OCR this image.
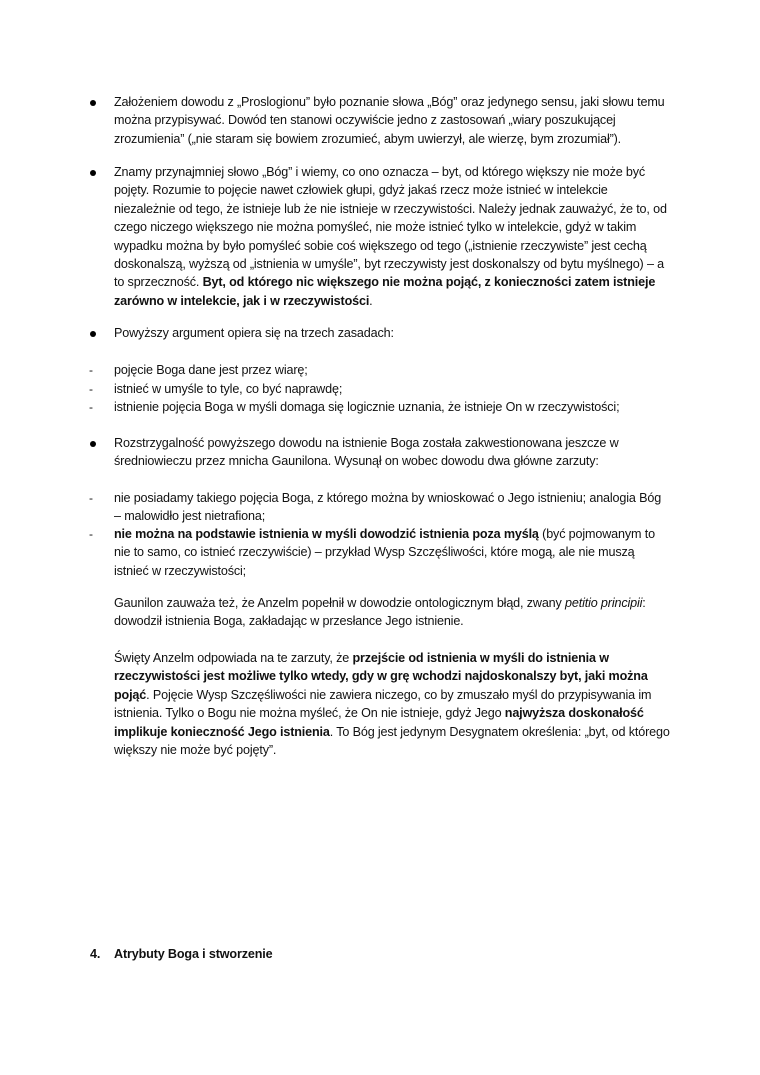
Założeniem dowodu z „Proslogionu” było poznanie słowa „Bóg” oraz jedynego sensu, jaki słowu temu można przypisywać. Dowód ten stanowi oczywiście jedno z zastosowań „wiary poszukującej zrozumienia” („nie staram się bowiem zrozumieć, abym uwierzył, ale wierzę, bym zrozumiał”).

Znamy przynajmniej słowo „Bóg” i wiemy, co ono oznacza – byt, od którego większy nie może być pojęty. Rozumie to pojęcie nawet człowiek głupi, gdyż jakaś rzecz może istnieć w intelekcie niezależnie od tego, że istnieje lub że nie istnieje w rzeczywistości. Należy jednak zauważyć, że to, od czego niczego większego nie można pomyśleć, nie może istnieć tylko w intelekcie, gdyż w takim wypadku można by było pomyśleć sobie coś większego od tego („istnienie rzeczywiste” jest cechą doskonalszą, wyższą od „istnienia w umyśle”, byt rzeczywisty jest doskonalszy od bytu myślnego) – a to sprzeczność. Byt, od którego nic większego nie można pojąć, z konieczności zatem istnieje zarówno w intelekcie, jak i w rzeczywistości.

Powyższy argument opiera się na trzech zasadach:

- pojęcie Boga dane jest przez wiarę;

- istnieć w umyśle to tyle, co być naprawdę;

- istnienie pojęcia Boga w myśli domaga się logicznie uznania, że istnieje On w rzeczywistości;

Rozstrzygalność powyższego dowodu na istnienie Boga została zakwestionowana jeszcze w średniowieczu przez mnicha Gaunilona. Wysunął on wobec dowodu dwa główne zarzuty:

- nie posiadamy takiego pojęcia Boga, z którego można by wnioskować o Jego istnieniu; analogia Bóg – malowidło jest nietrafiona;

- nie można na podstawie istnienia w myśli dowodzić istnienia poza myślą (być pojmowanym to nie to samo, co istnieć rzeczywiście) – przykład Wysp Szczęśliwości, które mogą, ale nie muszą istnieć w rzeczywistości;

Gaunilon zauważa też, że Anzelm popełnił w dowodzie ontologicznym błąd, zwany petitio principii: dowodził istnienia Boga, zakładając w przesłance Jego istnienie.

Święty Anzelm odpowiada na te zarzuty, że przejście od istnienia w myśli do istnienia w rzeczywistości jest możliwe tylko wtedy, gdy w grę wchodzi najdoskonalszy byt, jaki można pojąć. Pojęcie Wysp Szczęśliwości nie zawiera niczego, co by zmuszało myśl do przypisywania im istnienia. Tylko o Bogu nie można myśleć, że On nie istnieje, gdyż Jego najwyższa doskonałość implikuje konieczność Jego istnienia. To Bóg jest jedynym Desygnatem określenia: „byt, od którego większy nie może być pojęty”.

4. Atrybuty Boga i stworzenie
